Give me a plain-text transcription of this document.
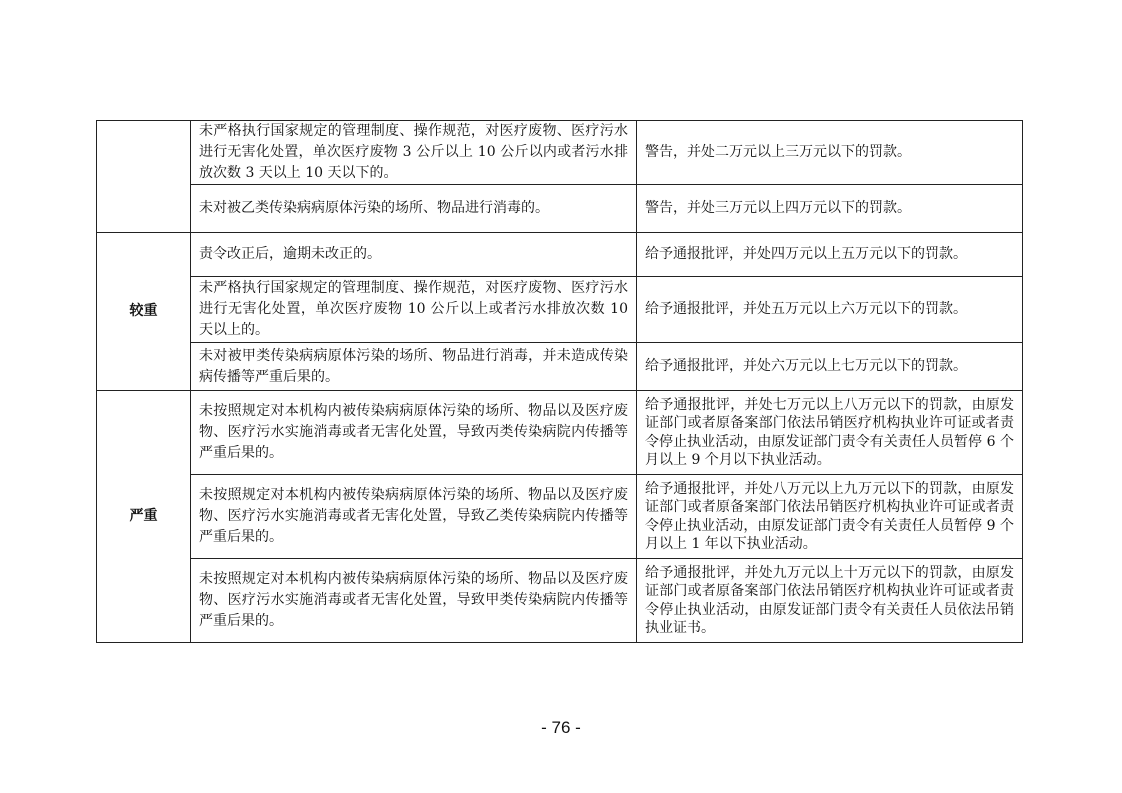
	未严格执行国家规定的管理制度、操作规范，对医疗废物、医疗污水进行无害化处置，单次医疗废物 3 公斤以上 10 公斤以内或者污水排放次数 3 天以上 10 天以下的。	警告，并处二万元以上三万元以下的罚款。
	未对被乙类传染病病原体污染的场所、物品进行消毒的。	警告，并处三万元以上四万元以下的罚款。
较重	责令改正后，逾期未改正的。	给予通报批评，并处四万元以上五万元以下的罚款。
	未严格执行国家规定的管理制度、操作规范，对医疗废物、医疗污水进行无害化处置，单次医疗废物 10 公斤以上或者污水排放次数 10 天以上的。	给予通报批评，并处五万元以上六万元以下的罚款。
	未对被甲类传染病病原体污染的场所、物品进行消毒，并未造成传染病传播等严重后果的。	给予通报批评，并处六万元以上七万元以下的罚款。
严重	未按照规定对本机构内被传染病病原体污染的场所、物品以及医疗废物、医疗污水实施消毒或者无害化处置，导致丙类传染病院内传播等严重后果的。	给予通报批评，并处七万元以上八万元以下的罚款，由原发证部门或者原备案部门依法吊销医疗机构执业许可证或者责令停止执业活动，由原发证部门责令有关责任人员暂停 6 个月以上 9 个月以下执业活动。
	未按照规定对本机构内被传染病病原体污染的场所、物品以及医疗废物、医疗污水实施消毒或者无害化处置，导致乙类传染病院内传播等严重后果的。	给予通报批评，并处八万元以上九万元以下的罚款，由原发证部门或者原备案部门依法吊销医疗机构执业许可证或者责令停止执业活动，由原发证部门责令有关责任人员暂停 9 个月以上 1 年以下执业活动。
	未按照规定对本机构内被传染病病原体污染的场所、物品以及医疗废物、医疗污水实施消毒或者无害化处置，导致甲类传染病院内传播等严重后果的。	给予通报批评，并处九万元以上十万元以下的罚款，由原发证部门或者原备案部门依法吊销医疗机构执业许可证或者责令停止执业活动，由原发证部门责令有关责任人员依法吊销执业证书。
- 76 -
